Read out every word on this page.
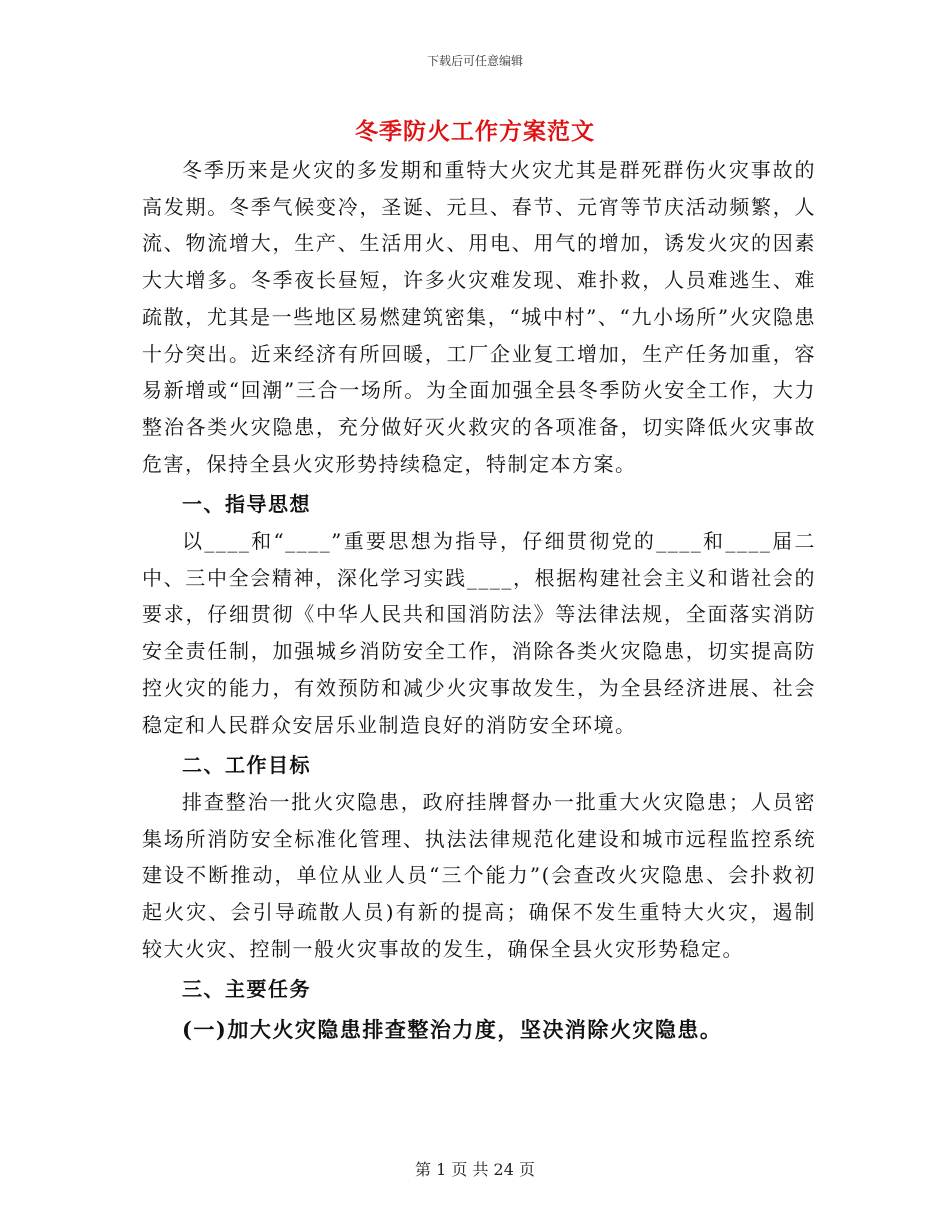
下载后可任意编辑
冬季防火工作方案范文

冬季历来是火灾的多发期和重特大火灾尤其是群死群伤火灾事故的高发期。冬季气候变冷，圣诞、元旦、春节、元宵等节庆活动频繁，人流、物流增大，生产、生活用火、用电、用气的增加，诱发火灾的因素大大增多。冬季夜长昼短，许多火灾难发现、难扑救，人员难逃生、难疏散，尤其是一些地区易燃建筑密集，“城中村”、“九小场所”火灾隐患十分突出。近来经济有所回暖，工厂企业复工增加，生产任务加重，容易新增或“回潮”三合一场所。为全面加强全县冬季防火安全工作，大力整治各类火灾隐患，充分做好灭火救灾的各项准备，切实降低火灾事故危害，保持全县火灾形势持续稳定，特制定本方案。

一、指导思想

以____和“____”重要思想为指导，仔细贯彻党的____和____届二中、三中全会精神，深化学习实践____，根据构建社会主义和谐社会的要求，仔细贯彻《中华人民共和国消防法》等法律法规，全面落实消防安全责任制，加强城乡消防安全工作，消除各类火灾隐患，切实提高防控火灾的能力，有效预防和减少火灾事故发生，为全县经济进展、社会稳定和人民群众安居乐业制造良好的消防安全环境。

二、工作目标

排查整治一批火灾隐患，政府挂牌督办一批重大火灾隐患；人员密集场所消防安全标准化管理、执法法律规范化建设和城市远程监控系统建设不断推动，单位从业人员“三个能力”(会查改火灾隐患、会扑救初起火灾、会引导疏散人员)有新的提高；确保不发生重特大火灾，遏制较大火灾、控制一般火灾事故的发生，确保全县火灾形势稳定。

三、主要任务

(一)加大火灾隐患排查整治力度，坚决消除火灾隐患。

第 1 页 共 24 页
